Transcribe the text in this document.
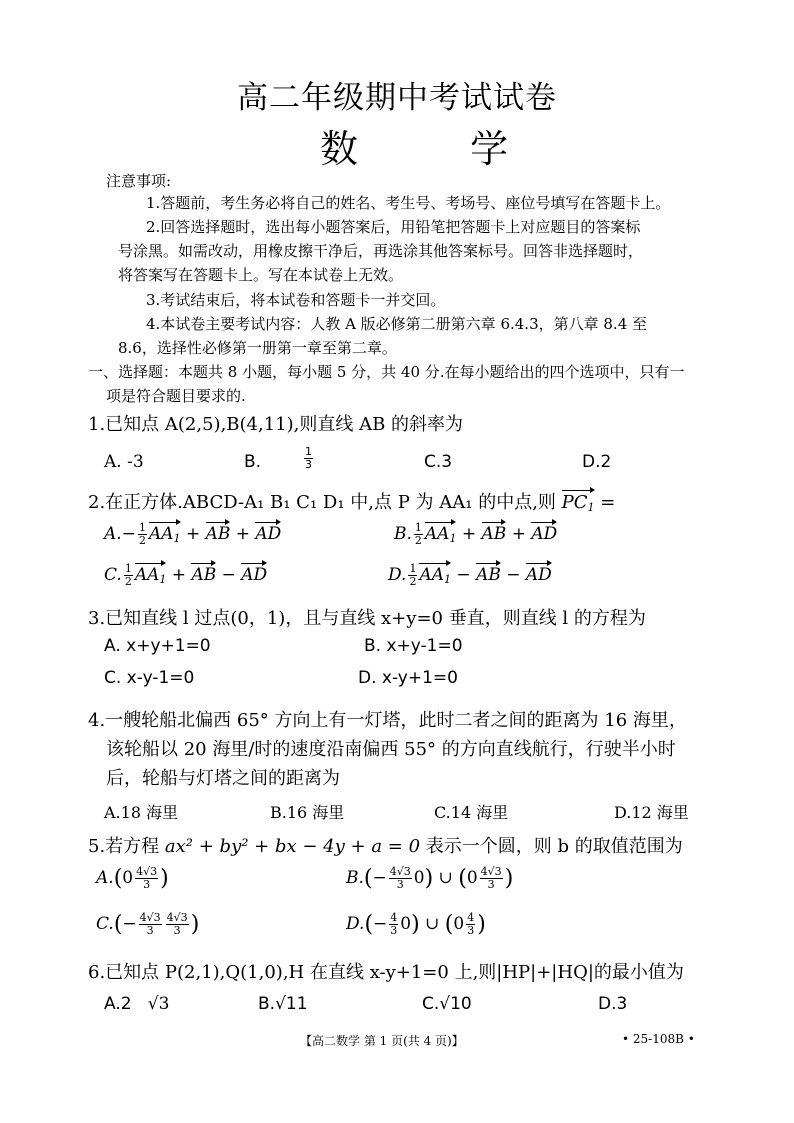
高二年级期中考试试卷
数 学
注意事项:
1.答题前，考生务必将自己的姓名、考生号、考场号、座位号填写在答题卡上。
2.回答选择题时，选出每小题答案后，用铅笔把答题卡上对应题目的答案标
号涂黑。如需改动，用橡皮擦干净后，再选涂其他答案标号。回答非选择题时，
将答案写在答题卡上。写在本试卷上无效。
3.考试结束后，将本试卷和答题卡一并交回。
4.本试卷主要考试内容：人教 A 版必修第二册第六章 6.4.3，第八章 8.4 至
8.6，选择性必修第一册第一章至第二章。
一、选择题：本题共 8 小题，每小题 5 分，共 40 分.在每小题给出的四个选项中，只有一
项是符合题目要求的.
1.已知点 A(2,5),B(4,11),则直线 AB 的斜率为
A. -3	B.	$\frac{1}{3}$	C.3	D.2
2.在正方体.ABCD-A₁ B₁ C₁ D₁ 中,点 P 为 AA₁ 的中点,则 $PC_1$ =
$A.- \frac{1}{2} AA_1$ + AB + AD	B. $\frac{1}{2} AA_1$ + AB + AD
C. $\frac{1}{2} AA_1$ + AB − AD	D. $\frac{1}{2} AA_1$ − AB − AD
3.已知直线 l 过点(0，1)，且与直线 x+y=0 垂直，则直线 l 的方程为
A. x+y+1=0	B. x+y-1=0
C. x-y-1=0	D. x-y+1=0
4.一艘轮船北偏西 65° 方向上有一灯塔，此时二者之间的距离为 16 海里，
该轮船以 20 海里/时的速度沿南偏西 55° 的方向直线航行，行驶半小时
后，轮船与灯塔之间的距离为
A.18 海里	B.16 海里	C.14 海里	D.12 海里
5.若方程 ax² + by² + bx − 4y + a = 0 表示一个圆，则 b 的取值范围为
$A.(0 \frac{4√3}{3}$ )	$B.(- \frac{4√3}{3} 0)$ ∪ ($0 \frac{4√3}{3}$ )
$C.(- \frac{4√3}{3} \frac{4√3}{3}$ )	$D.(- \frac{4}{3} 0)$ ∪ ($0 \frac{4}{3}$ )
6.已知点 P(2,1),Q(1,0),H 在直线 x-y+1=0 上,则|HP|+|HQ|的最小值为
A.2 √3	B.√11	C.√10	D.3
【高二数学 第 1 页(共 4 页)】	• 25-108B •
